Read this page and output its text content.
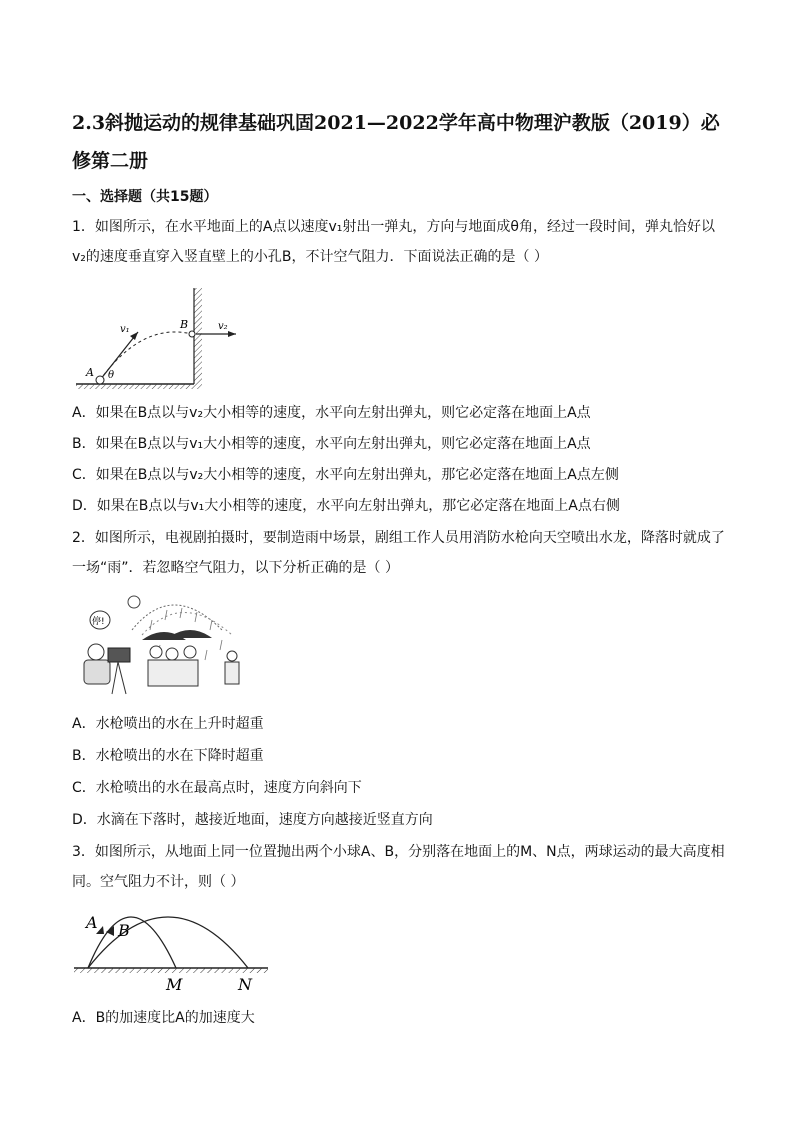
2.3斜抛运动的规律基础巩固2021—2022学年高中物理沪教版（2019）必修第二册
一、选择题（共15题）
1．如图所示，在水平地面上的A点以速度v₁射出一弹丸，方向与地面成θ角，经过一段时间，弹丸恰好以v₂的速度垂直穿入竖直壁上的小孔B，不计空气阻力．下面说法正确的是（ ）
A θ
v₁	B	v₂
A．如果在B点以与v₂大小相等的速度，水平向左射出弹丸，则它必定落在地面上A点
B．如果在B点以与v₁大小相等的速度，水平向左射出弹丸，则它必定落在地面上A点
C．如果在B点以与v₂大小相等的速度，水平向左射出弹丸，那它必定落在地面上A点左侧
D．如果在B点以与v₁大小相等的速度，水平向左射出弹丸，那它必定落在地面上A点右侧
2．如图所示，电视剧拍摄时，要制造雨中场景，剧组工作人员用消防水枪向天空喷出水龙，降落时就成了一场“雨”．若忽略空气阻力，以下分析正确的是（ ）
停!
A．水枪喷出的水在上升时超重
B．水枪喷出的水在下降时超重
C．水枪喷出的水在最高点时，速度方向斜向下
D．水滴在下落时，越接近地面，速度方向越接近竖直方向
3．如图所示，从地面上同一位置抛出两个小球A、B，分别落在地面上的M、N点，两球运动的最大高度相同。空气阻力不计，则（ ）
A B
M	N
A．B的加速度比A的加速度大
